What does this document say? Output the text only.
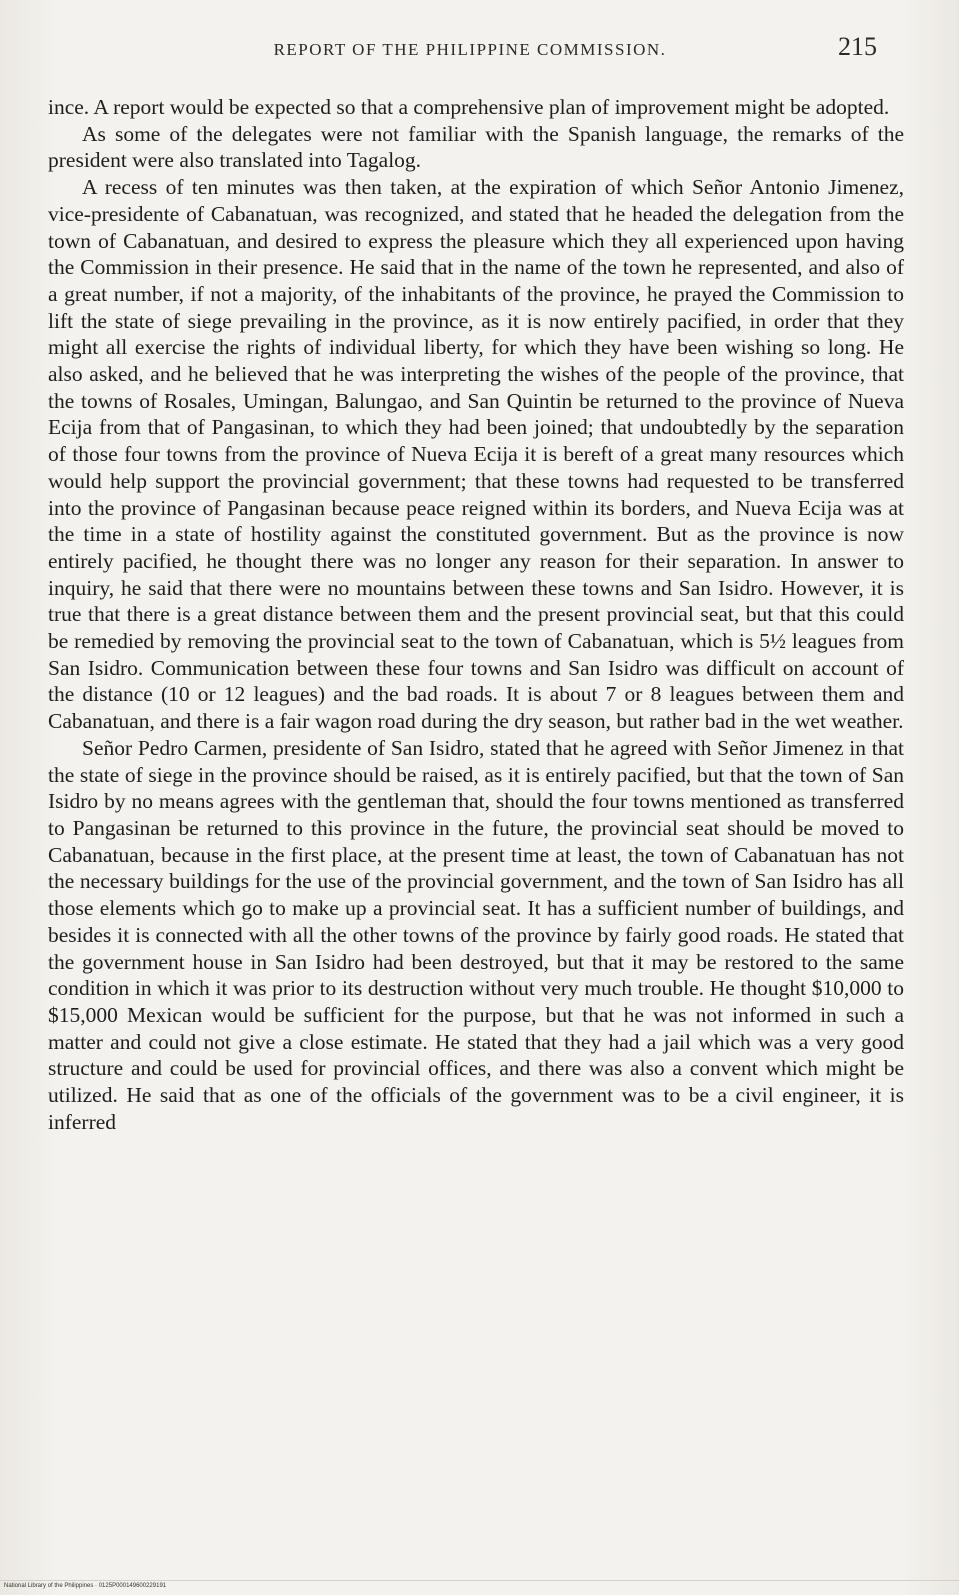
REPORT OF THE PHILIPPINE COMMISSION.	215

ince. A report would be expected so that a comprehensive plan of improvement might be adopted.

As some of the delegates were not familiar with the Spanish language, the remarks of the president were also translated into Tagalog.

A recess of ten minutes was then taken, at the expiration of which Señor Antonio Jimenez, vice-presidente of Cabanatuan, was recognized, and stated that he headed the delegation from the town of Cabanatuan, and desired to express the pleasure which they all experienced upon having the Commission in their presence. He said that in the name of the town he represented, and also of a great number, if not a majority, of the inhabitants of the province, he prayed the Commission to lift the state of siege prevailing in the province, as it is now entirely pacified, in order that they might all exercise the rights of individual liberty, for which they have been wishing so long. He also asked, and he believed that he was interpreting the wishes of the people of the province, that the towns of Rosales, Umingan, Balungao, and San Quintin be returned to the province of Nueva Ecija from that of Pangasinan, to which they had been joined; that undoubtedly by the separation of those four towns from the province of Nueva Ecija it is bereft of a great many resources which would help support the provincial government; that these towns had requested to be transferred into the province of Pangasinan because peace reigned within its borders, and Nueva Ecija was at the time in a state of hostility against the constituted government. But as the province is now entirely pacified, he thought there was no longer any reason for their separation. In answer to inquiry, he said that there were no mountains between these towns and San Isidro. However, it is true that there is a great distance between them and the present provincial seat, but that this could be remedied by removing the provincial seat to the town of Cabanatuan, which is 5½ leagues from San Isidro. Communication between these four towns and San Isidro was difficult on account of the distance (10 or 12 leagues) and the bad roads. It is about 7 or 8 leagues between them and Cabanatuan, and there is a fair wagon road during the dry season, but rather bad in the wet weather.

Señor Pedro Carmen, presidente of San Isidro, stated that he agreed with Señor Jimenez in that the state of siege in the province should be raised, as it is entirely pacified, but that the town of San Isidro by no means agrees with the gentleman that, should the four towns mentioned as transferred to Pangasinan be returned to this province in the future, the provincial seat should be moved to Cabanatuan, because in the first place, at the present time at least, the town of Cabanatuan has not the necessary buildings for the use of the provincial government, and the town of San Isidro has all those elements which go to make up a provincial seat. It has a sufficient number of buildings, and besides it is connected with all the other towns of the province by fairly good roads. He stated that the government house in San Isidro had been destroyed, but that it may be restored to the same condition in which it was prior to its destruction without very much trouble. He thought $10,000 to $15,000 Mexican would be sufficient for the purpose, but that he was not informed in such a matter and could not give a close estimate. He stated that they had a jail which was a very good structure and could be used for provincial offices, and there was also a convent which might be utilized. He said that as one of the officials of the government was to be a civil engineer, it is inferred

National Library of the Philippines · 0125P000149600229191
